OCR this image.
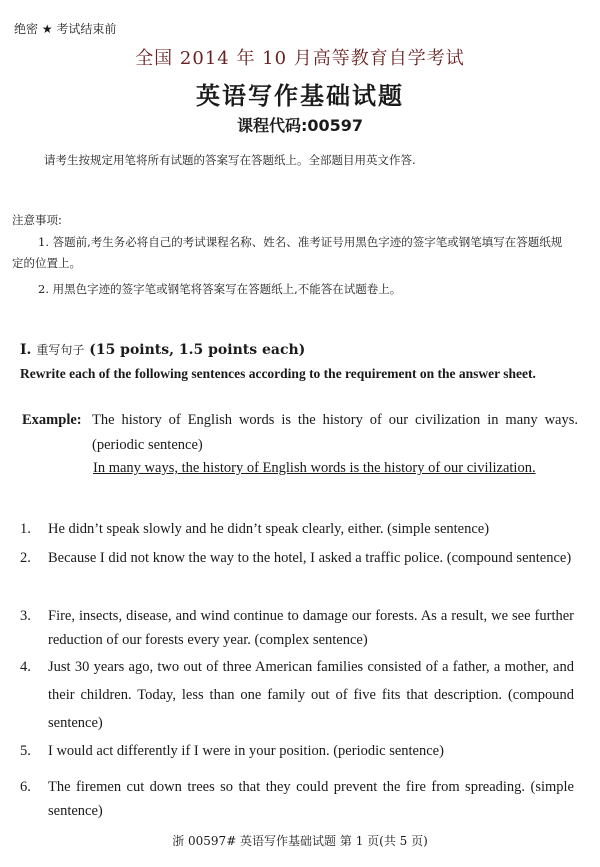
绝密 ★ 考试结束前
全国 2014 年 10 月高等教育自学考试
英语写作基础试题
课程代码:00597
请考生按规定用笔将所有试题的答案写在答题纸上。全部题目用英文作答.
注意事项:
1. 答题前,考生务必将自己的考试课程名称、姓名、准考证号用黑色字迹的签字笔或钢笔填写在答题纸规定的位置上。
2. 用黑色字迹的签字笔或钢笔将答案写在答题纸上,不能答在试题卷上。
I. 重写句子 (15 points, 1.5 points each)
Rewrite each of the following sentences according to the requirement on the answer sheet.
Example: The history of English words is the history of our civilization in many ways. (periodic sentence)
In many ways, the history of English words is the history of our civilization.
1. He didn’t speak slowly and he didn’t speak clearly, either. (simple sentence)
2. Because I did not know the way to the hotel, I asked a traffic police. (compound sentence)
3. Fire, insects, disease, and wind continue to damage our forests. As a result, we see further reduction of our forests every year. (complex sentence)
4. Just 30 years ago, two out of three American families consisted of a father, a mother, and their children. Today, less than one family out of five fits that description. (compound sentence)
5. I would act differently if I were in your position. (periodic sentence)
6. The firemen cut down trees so that they could prevent the fire from spreading. (simple sentence)
浙 00597# 英语写作基础试题 第 1 页(共 5 页)
